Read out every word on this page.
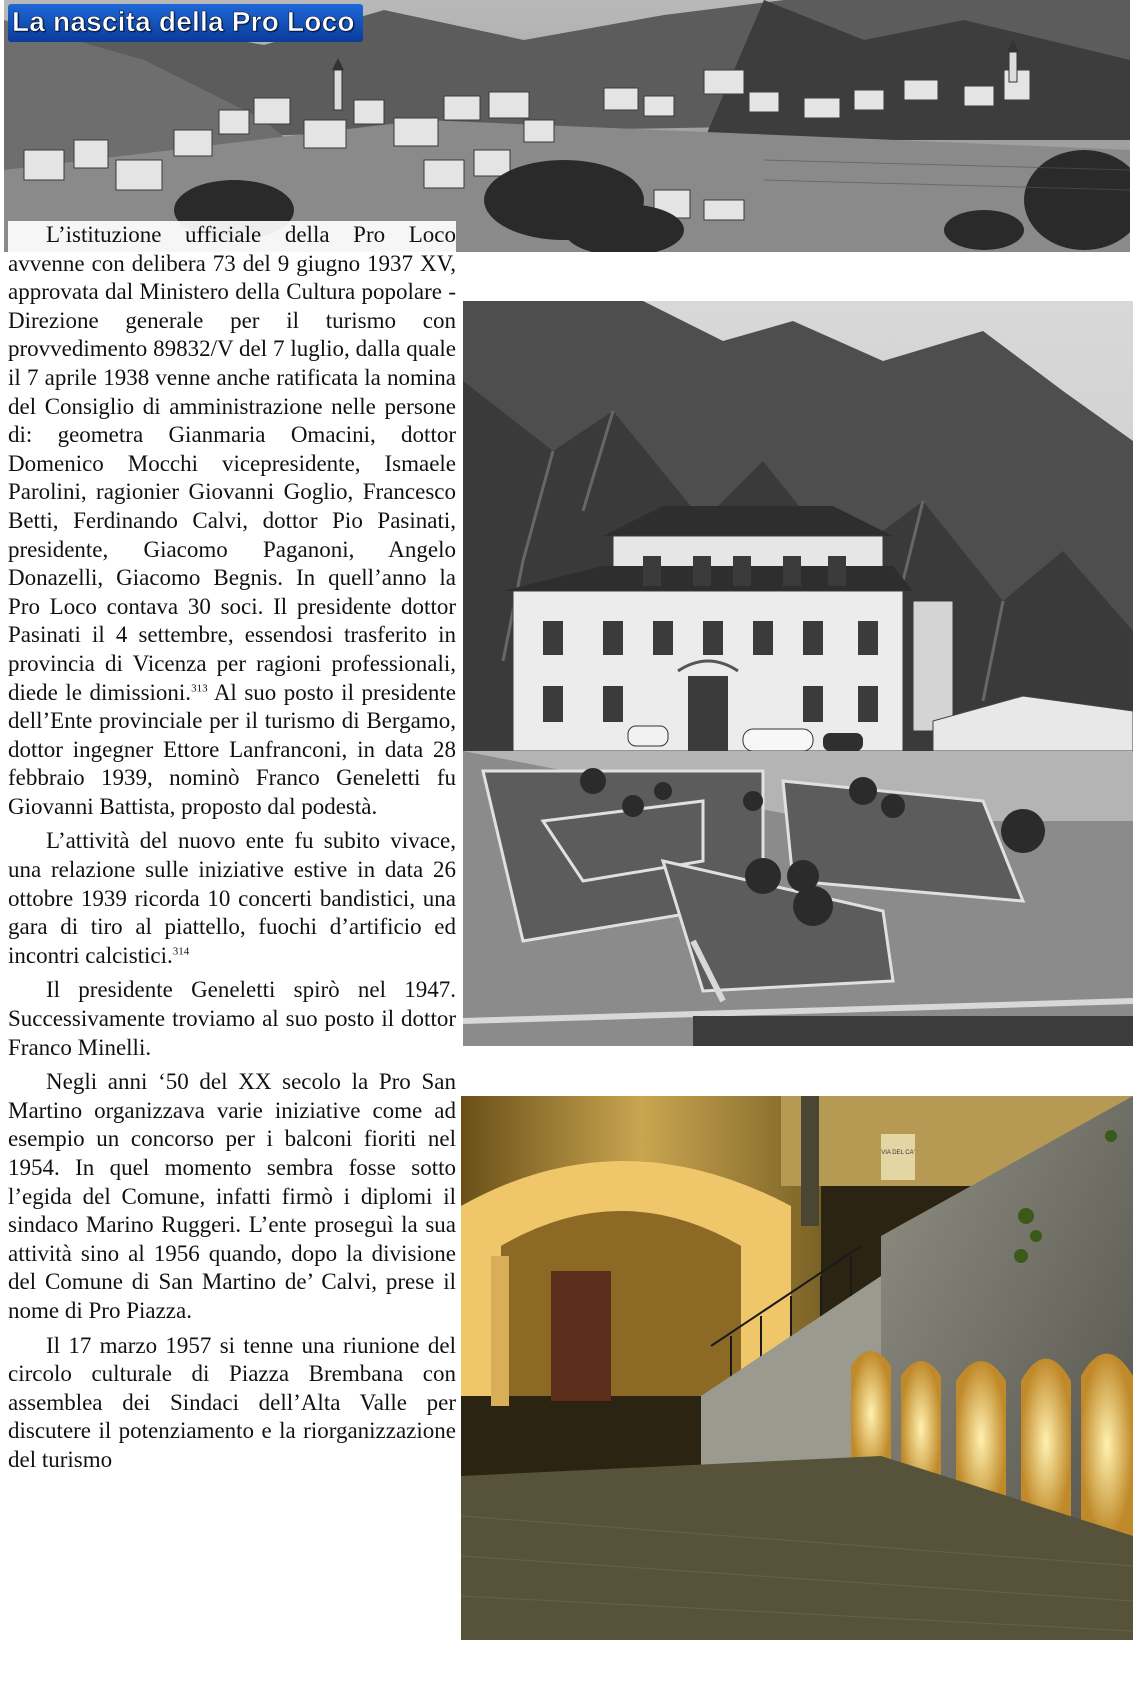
La nascita della Pro Loco

L’istituzione ufficiale della Pro Loco avvenne con delibera 73 del 9 giugno 1937 XV, approvata dal Ministero della Cultura popolare - Direzione generale per il turismo con provvedimento 89832/V del 7 luglio, dalla quale il 7 aprile 1938 venne anche ratificata la nomina del Consiglio di amministrazione nelle persone di: geometra Gianmaria Omacini, dottor Domenico Mocchi vicepresidente, Ismaele Parolini, ragionier Giovanni Goglio, Francesco Betti, Ferdinando Calvi, dottor Pio Pasinati, presidente, Giacomo Paganoni, Angelo Donazelli, Giacomo Begnis. In quell’anno la Pro Loco contava 30 soci. Il presidente dottor Pasinati il 4 settembre, essendosi trasferito in provincia di Vicenza per ragioni professionali, diede le dimissioni.$^{313}$ Al suo posto il presidente dell’Ente provinciale per il turismo di Bergamo, dottor ingegner Ettore Lanfranconi, in data 28 febbraio 1939, nominò Franco Geneletti fu Giovanni Battista, proposto dal podestà.

L’attività del nuovo ente fu subito vivace, una relazione sulle iniziative estive in data 26 ottobre 1939 ricorda 10 concerti bandistici, una gara di tiro al piattello, fuochi d’artificio ed incontri calcistici.$^{314}$

Il presidente Geneletti spirò nel 1947. Successivamente troviamo al suo posto il dottor Franco Minelli.

Negli anni ‘50 del XX secolo la Pro San Martino organizzava varie iniziative come ad esempio un concorso per i balconi fioriti nel 1954. In quel momento sembra fosse sotto l’egida del Comune, infatti firmò i diplomi il sindaco Marino Ruggeri. L’ente proseguì la sua attività sino al 1956 quando, dopo la divisione del Comune di San Martino de’ Calvi, prese il nome di Pro Piazza.

Il 17 marzo 1957 si tenne una riunione del circolo culturale di Piazza Brembana con assemblea dei Sindaci dell’Alta Valle per discutere il potenziamento e la riorganizzazione del turismo

VIA DEL CA'
